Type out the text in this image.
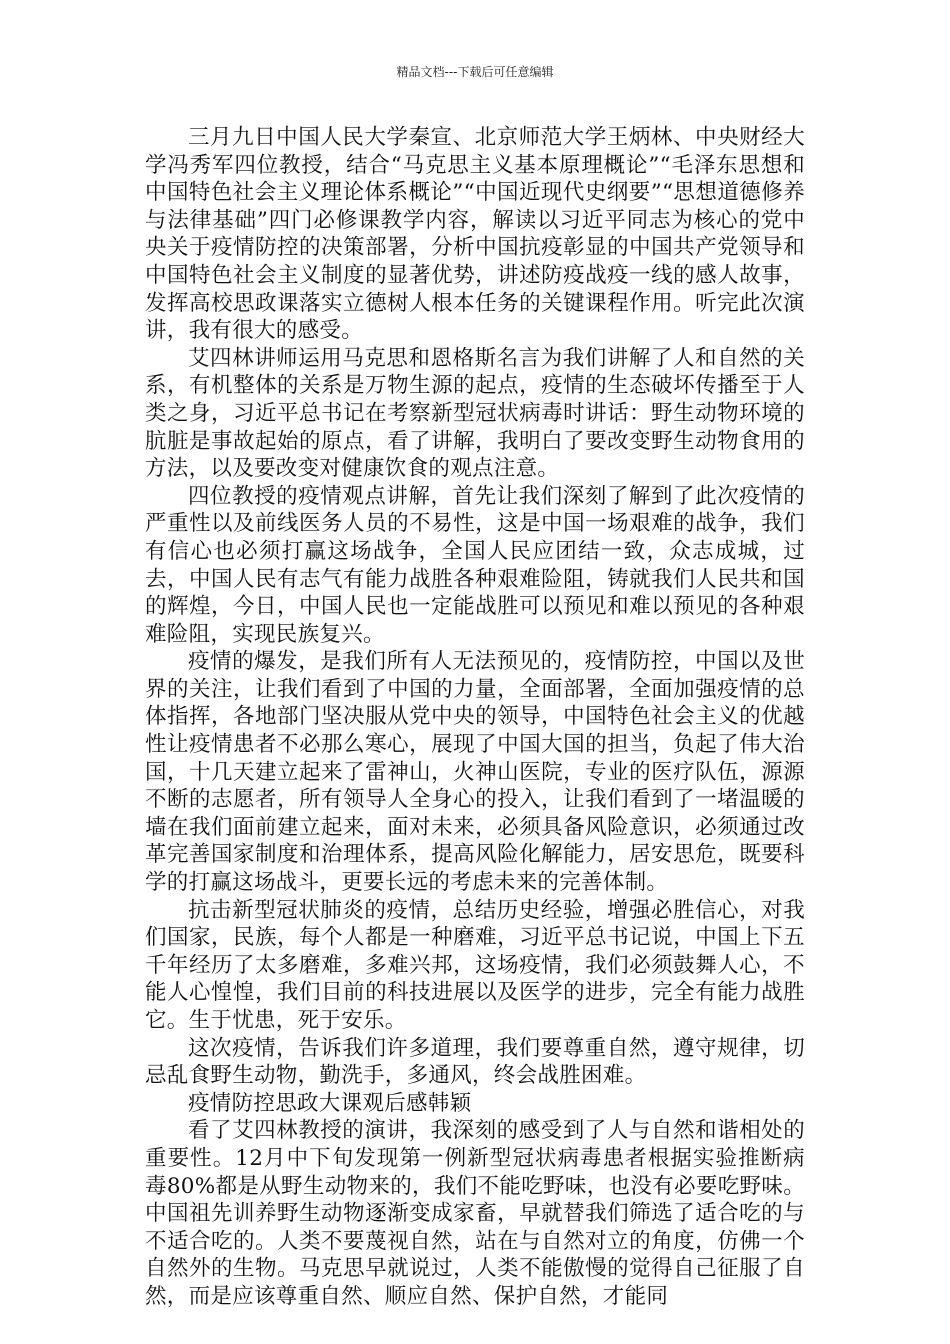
精品文档---下载后可任意编辑

三月九日中国人民大学秦宣、北京师范大学王炳林、中央财经大学冯秀军四位教授，结合“马克思主义基本原理概论”“毛泽东思想和中国特色社会主义理论体系概论”“中国近现代史纲要”“思想道德修养与法律基础”四门必修课教学内容，解读以习近平同志为核心的党中央关于疫情防控的决策部署，分析中国抗疫彰显的中国共产党领导和中国特色社会主义制度的显著优势，讲述防疫战疫一线的感人故事，发挥高校思政课落实立德树人根本任务的关键课程作用。听完此次演讲，我有很大的感受。

艾四林讲师运用马克思和恩格斯名言为我们讲解了人和自然的关系，有机整体的关系是万物生源的起点，疫情的生态破坏传播至于人类之身，习近平总书记在考察新型冠状病毒时讲话：野生动物环境的肮脏是事故起始的原点，看了讲解，我明白了要改变野生动物食用的方法，以及要改变对健康饮食的观点注意。

四位教授的疫情观点讲解，首先让我们深刻了解到了此次疫情的严重性以及前线医务人员的不易性，这是中国一场艰难的战争，我们有信心也必须打赢这场战争，全国人民应团结一致，众志成城，过去，中国人民有志气有能力战胜各种艰难险阻，铸就我们人民共和国的辉煌，今日，中国人民也一定能战胜可以预见和难以预见的各种艰难险阻，实现民族复兴。

疫情的爆发，是我们所有人无法预见的，疫情防控，中国以及世界的关注，让我们看到了中国的力量，全面部署，全面加强疫情的总体指挥，各地部门坚决服从党中央的领导，中国特色社会主义的优越性让疫情患者不必那么寒心，展现了中国大国的担当，负起了伟大治国，十几天建立起来了雷神山，火神山医院，专业的医疗队伍，源源不断的志愿者，所有领导人全身心的投入，让我们看到了一堵温暖的墙在我们面前建立起来，面对未来，必须具备风险意识，必须通过改革完善国家制度和治理体系，提高风险化解能力，居安思危，既要科学的打赢这场战斗，更要长远的考虑未来的完善体制。

抗击新型冠状肺炎的疫情，总结历史经验，增强必胜信心，对我们国家，民族，每个人都是一种磨难，习近平总书记说，中国上下五千年经历了太多磨难，多难兴邦，这场疫情，我们必须鼓舞人心，不能人心惶惶，我们目前的科技进展以及医学的进步，完全有能力战胜它。生于忧患，死于安乐。

这次疫情，告诉我们许多道理，我们要尊重自然，遵守规律，切忌乱食野生动物，勤洗手，多通风，终会战胜困难。

疫情防控思政大课观后感韩颖

看了艾四林教授的演讲，我深刻的感受到了人与自然和谐相处的重要性。12月中下旬发现第一例新型冠状病毒患者根据实验推断病毒80%都是从野生动物来的，我们不能吃野味，也没有必要吃野味。中国祖先训养野生动物逐渐变成家畜，早就替我们筛选了适合吃的与不适合吃的。人类不要蔑视自然，站在与自然对立的角度，仿佛一个自然外的生物。马克思早就说过，人类不能傲慢的觉得自己征服了自然，而是应该尊重自然、顺应自然、保护自然，才能同
